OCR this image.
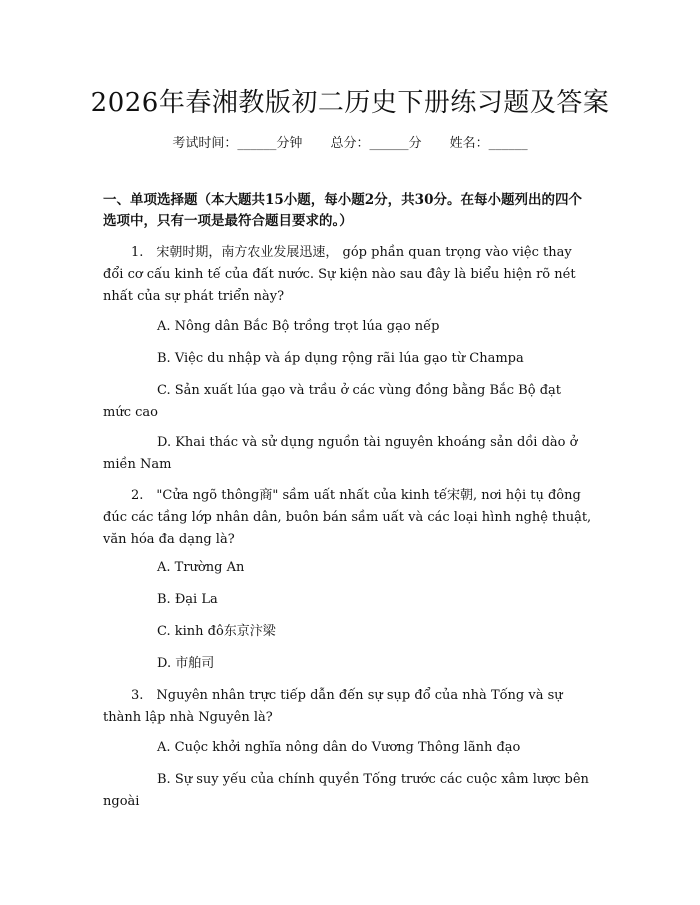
2026年春湘教版初二历史下册练习题及答案
考试时间：______分钟 总分：______分 姓名：______
一、单项选择题（本大题共15小题，每小题2分，共30分。在每小题列出的四个选项中，只有一项是最符合题目要求的。）
1.　宋朝时期，南方农业发展迅速， góp phần quan trọng vào việc thay đổi cơ cấu kinh tế của đất nước. Sự kiện nào sau đây là biểu hiện rõ nét nhất của sự phát triển này?
A. Nông dân Bắc Bộ trồng trọt lúa gạo nếp
B. Việc du nhập và áp dụng rộng rãi lúa gạo từ Champa
C. Sản xuất lúa gạo và trầu ở các vùng đồng bằng Bắc Bộ đạt mức cao
D. Khai thác và sử dụng nguồn tài nguyên khoáng sản dồi dào ở miền Nam
2.　"Cửa ngõ thông商" sầm uất nhất của kinh tế宋朝, nơi hội tụ đông đúc các tầng lớp nhân dân, buôn bán sầm uất và các loại hình nghệ thuật, văn hóa đa dạng là?
A. Trường An
B. Đại La
C. kinh đô东京汴梁
D. 市舶司
3.　Nguyên nhân trực tiếp dẫn đến sự sụp đổ của nhà Tống và sự thành lập nhà Nguyên là?
A. Cuộc khởi nghĩa nông dân do Vương Thông lãnh đạo
B. Sự suy yếu của chính quyền Tống trước các cuộc xâm lược bên ngoài
